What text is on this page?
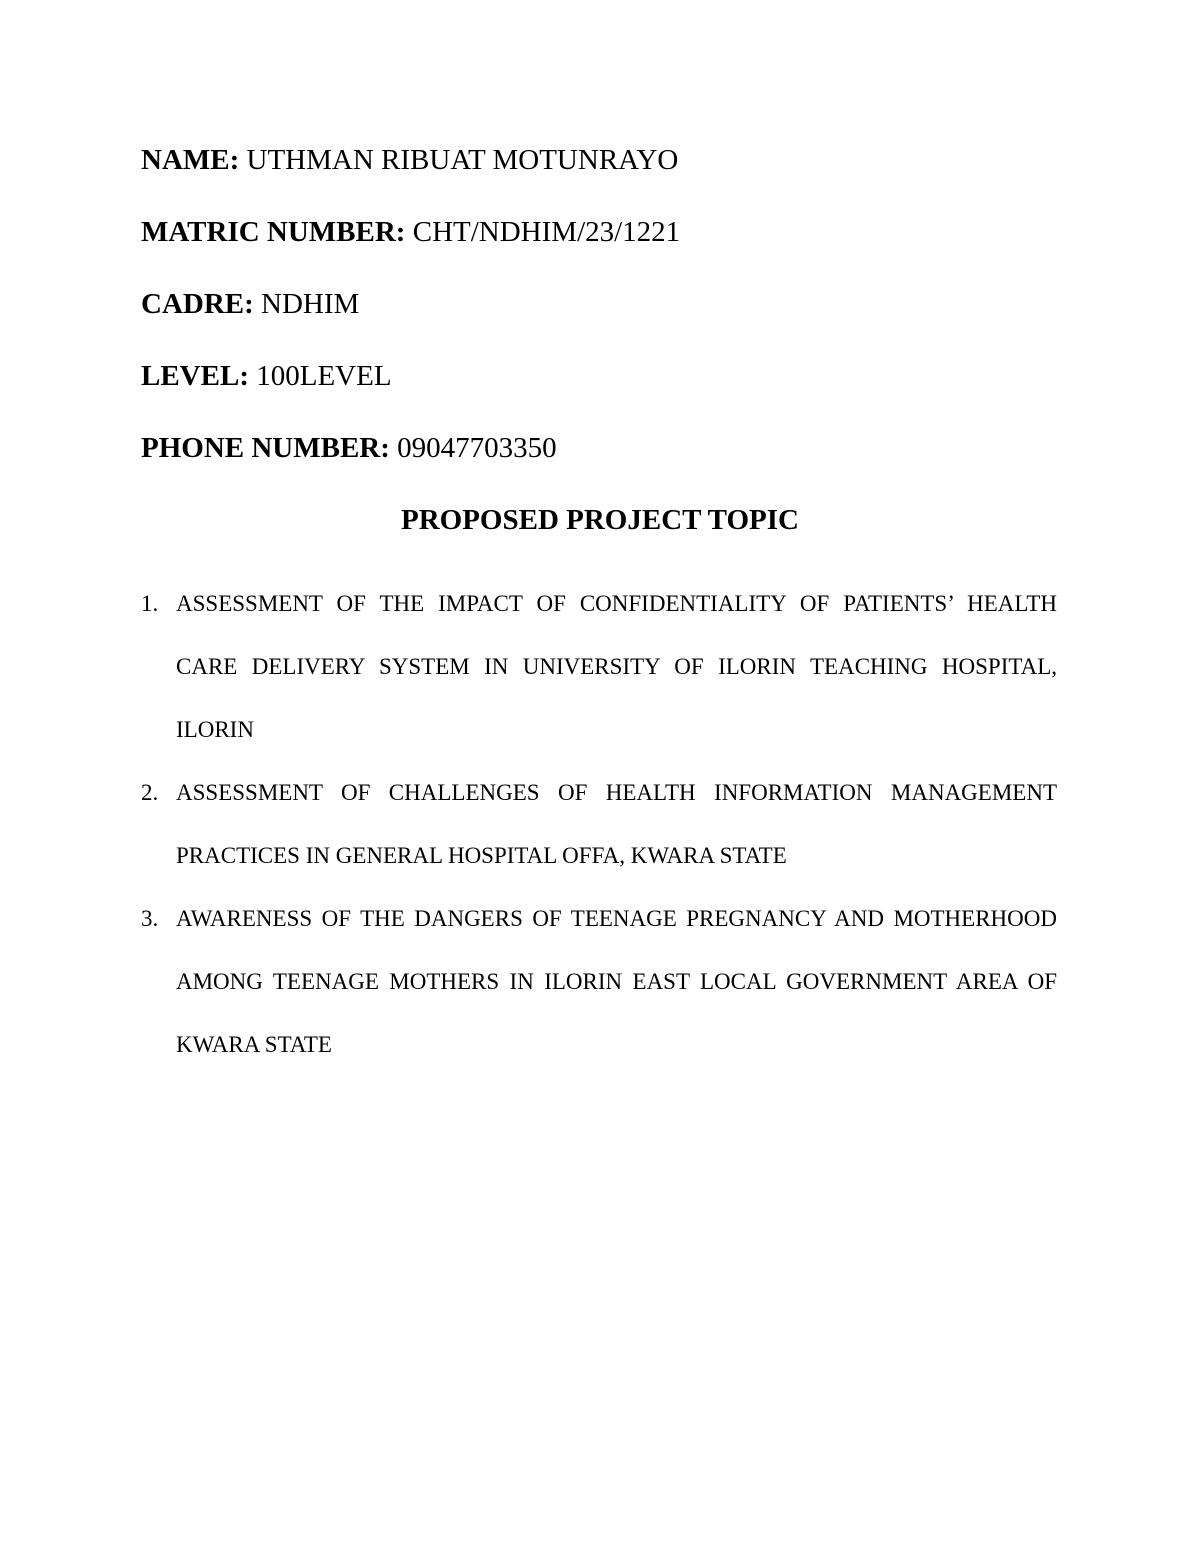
NAME: UTHMAN RIBUAT MOTUNRAYO
MATRIC NUMBER: CHT/NDHIM/23/1221
CADRE: NDHIM
LEVEL: 100LEVEL
PHONE NUMBER: 09047703350
PROPOSED PROJECT TOPIC
1. ASSESSMENT OF THE IMPACT OF CONFIDENTIALITY OF PATIENTS’ HEALTH CARE DELIVERY SYSTEM IN UNIVERSITY OF ILORIN TEACHING HOSPITAL, ILORIN
2. ASSESSMENT OF CHALLENGES OF HEALTH INFORMATION MANAGEMENT PRACTICES IN GENERAL HOSPITAL OFFA, KWARA STATE
3. AWARENESS OF THE DANGERS OF TEENAGE PREGNANCY AND MOTHERHOOD AMONG TEENAGE MOTHERS IN ILORIN EAST LOCAL GOVERNMENT AREA OF KWARA STATE
